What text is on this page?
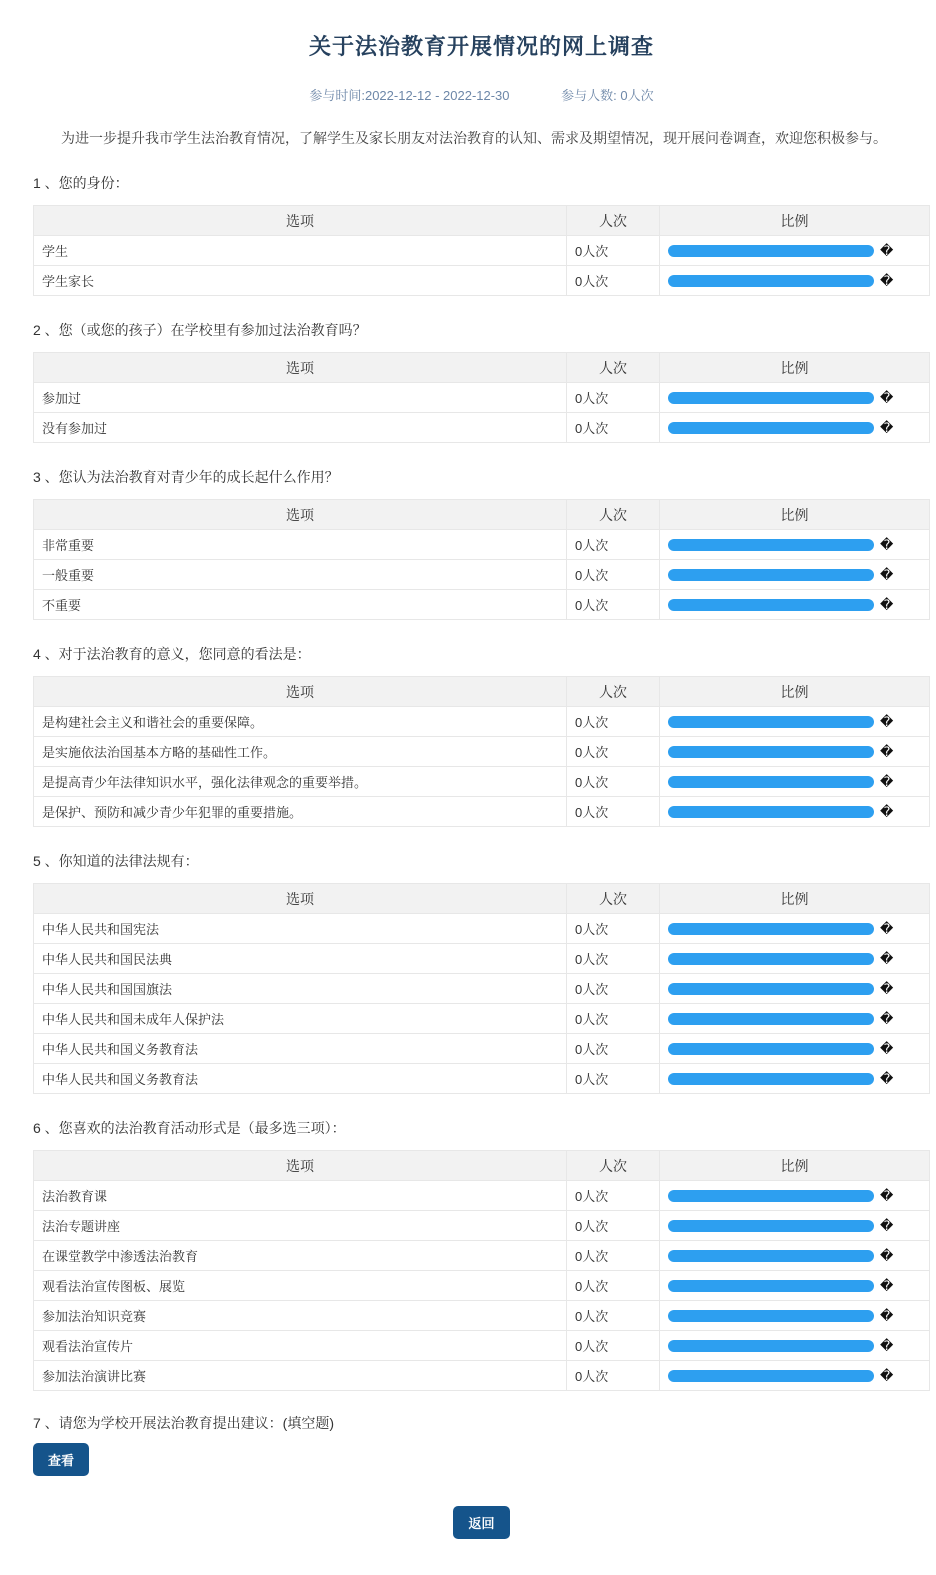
关于法治教育开展情况的网上调查
参与时间:2022-12-12 - 2022-12-30	参与人数: 0人次

为进一步提升我市学生法治教育情况，了解学生及家长朋友对法治教育的认知、需求及期望情况，现开展问卷调查，欢迎您积极参与。

1 、您的身份：
选项	人次	比例
学生	0人次	�

学生家长	0人次	�
2 、您（或您的孩子）在学校里有参加过法治教育吗？
选项	人次	比例
参加过	0人次	�

没有参加过	0人次	�
3 、您认为法治教育对青少年的成长起什么作用？
选项	人次	比例
非常重要	0人次	�

一般重要	0人次	�

不重要	0人次	�
4 、对于法治教育的意义，您同意的看法是：
选项	人次	比例
是构建社会主义和谐社会的重要保障。	0人次	�

是实施依法治国基本方略的基础性工作。	0人次	�

是提高青少年法律知识水平，强化法律观念的重要举措。	0人次	�

是保护、预防和减少青少年犯罪的重要措施。	0人次	�
5 、你知道的法律法规有：
选项	人次	比例
中华人民共和国宪法	0人次	�

中华人民共和国民法典	0人次	�

中华人民共和国国旗法	0人次	�

中华人民共和国未成年人保护法	0人次	�

中华人民共和国义务教育法	0人次	�

中华人民共和国义务教育法	0人次	�
6 、您喜欢的法治教育活动形式是（最多选三项）：
选项	人次	比例
法治教育课	0人次	�

法治专题讲座	0人次	�

在课堂教学中渗透法治教育	0人次	�

观看法治宣传图板、展览	0人次	�

参加法治知识竞赛	0人次	�

观看法治宣传片	0人次	�

参加法治演讲比赛	0人次	�
7 、请您为学校开展法治教育提出建议：(填空题)
查看
返回
